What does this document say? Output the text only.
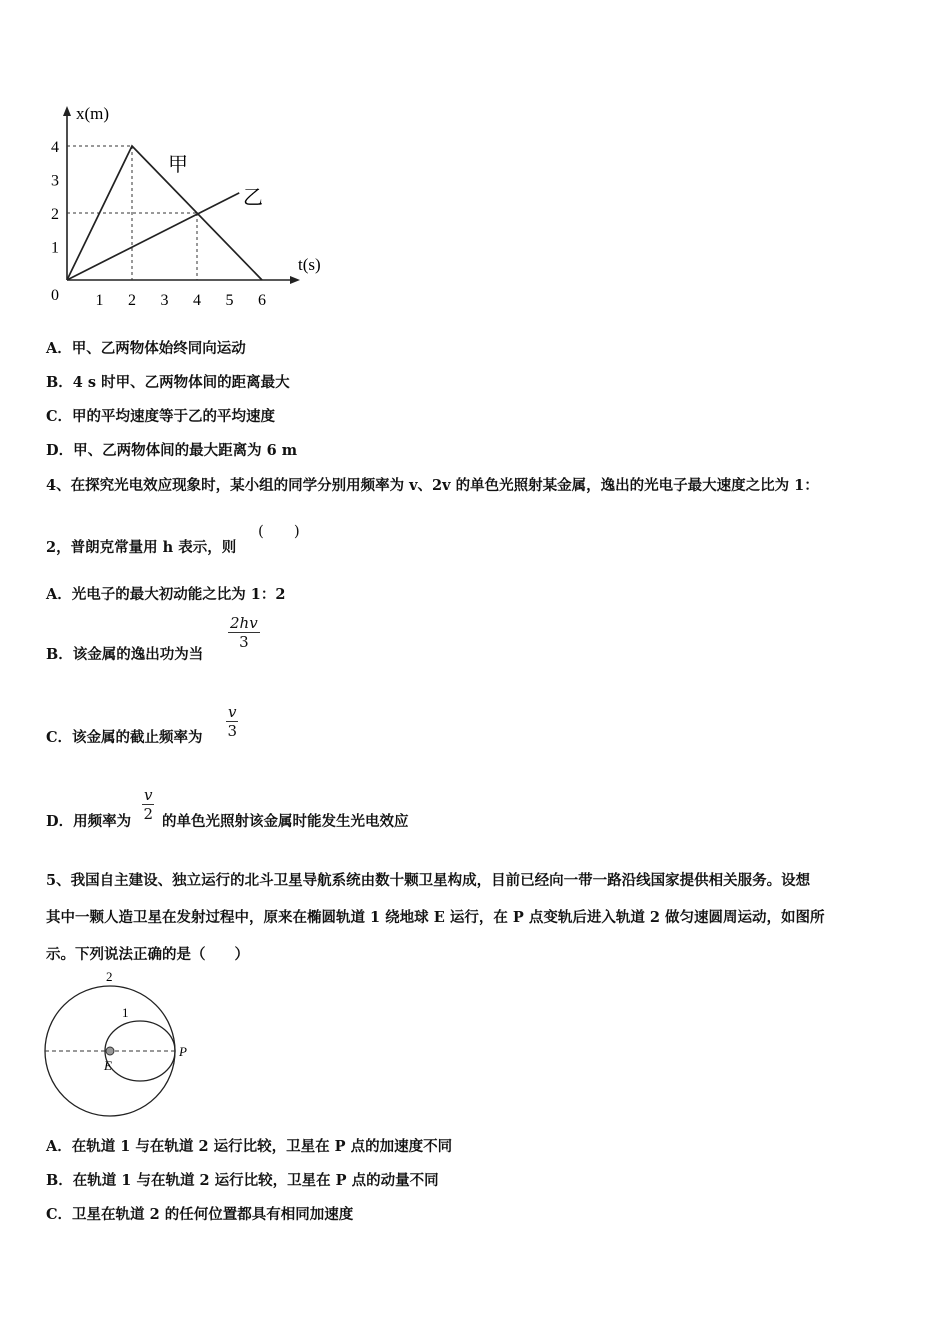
x(m)
t(s)
0
1
2
3
4
1 2 3 4 5 6
甲
乙
A．甲、乙两物体始终同向运动
B．4 s 时甲、乙两物体间的距离最大
C．甲的平均速度等于乙的平均速度
D．甲、乙两物体间的最大距离为 6 m
4、在探究光电效应现象时，某小组的同学分别用频率为 v、2v 的单色光照射某金属，逸出的光电子最大速度之比为 1：
2，普朗克常量用 h 表示，则
(　　)
A．光电子的最大初动能之比为 1：2
B．该金属的逸出功为当
$\frac{2hv}{3}$
C．该金属的截止频率为 $\frac{v}{3}$
D．用频率为 $\frac{v}{2}$ 的单色光照射该金属时能发生光电效应
5、我国自主建设、独立运行的北斗卫星导航系统由数十颗卫星构成，目前已经向一带一路沿线国家提供相关服务。设想
其中一颗人造卫星在发射过程中，原来在椭圆轨道 1 绕地球 E 运行，在 P 点变轨后进入轨道 2 做匀速圆周运动，如图所
示。下列说法正确的是（　　）
2
1
E
P
A．在轨道 1 与在轨道 2 运行比较，卫星在 P 点的加速度不同
B．在轨道 1 与在轨道 2 运行比较，卫星在 P 点的动量不同
C．卫星在轨道 2 的任何位置都具有相同加速度
